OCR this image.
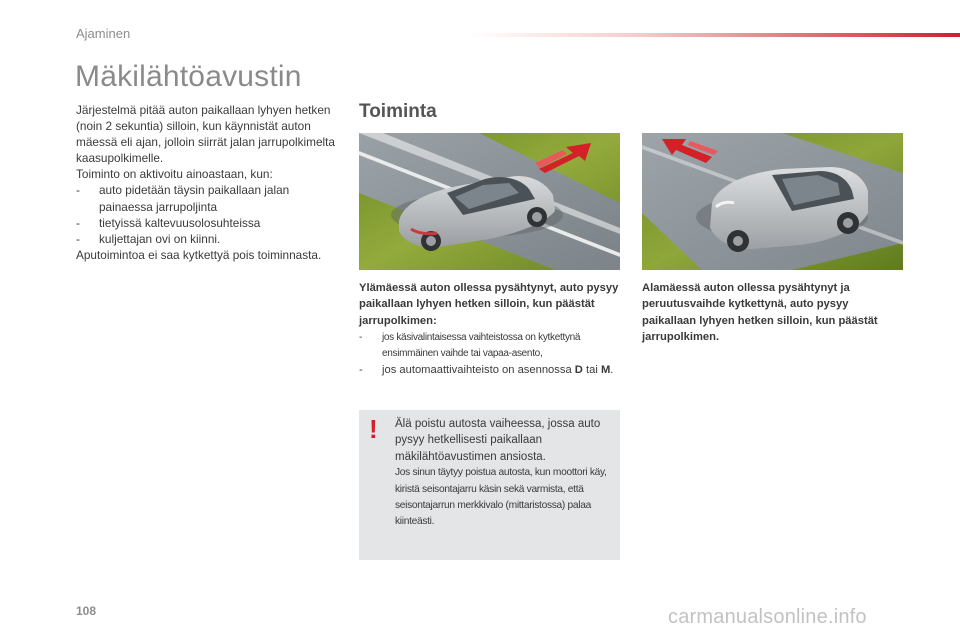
Ajaminen
Mäkilähtöavustin

Järjestelmä pitää auton paikallaan lyhyen hetken (noin 2 sekuntia) silloin, kun käynnistät auton mäessä eli ajan, jolloin siirrät jalan jarrupolkimelta kaasupolkimelle.

Toiminto on aktivoitu ainoastaan, kun:

- auto pidetään täysin paikallaan jalan painaessa jarrupoljinta
- tietyissä kaltevuusolosuhteissa
- kuljettajan ovi on kiinni.

Aputoimintoa ei saa kytkettyä pois toiminnasta.

Toiminta

Ylämäessä auton ollessa pysähtynyt, auto pysyy paikallaan lyhyen hetken silloin, kun päästät jarrupolkimen:

- jos käsivalintaisessa vaihteistossa on kytkettynä ensimmäinen vaihde tai vapaa-asento,
- jos automaattivaihteisto on asennossa D tai M.

Alamäessä auton ollessa pysähtynyt ja peruutusvaihde kytkettynä, auto pysyy paikallaan lyhyen hetken silloin, kun päästät jarrupolkimen.

! Älä poistu autosta vaiheessa, jossa auto pysyy hetkellisesti paikallaan mäkilähtöavustimen ansiosta.

Jos sinun täytyy poistua autosta, kun moottori käy, kiristä seisontajarru käsin sekä varmista, että seisontajarrun merkkivalo (mittaristossa) palaa kiinteästi.

108	carmanualsonline.info
